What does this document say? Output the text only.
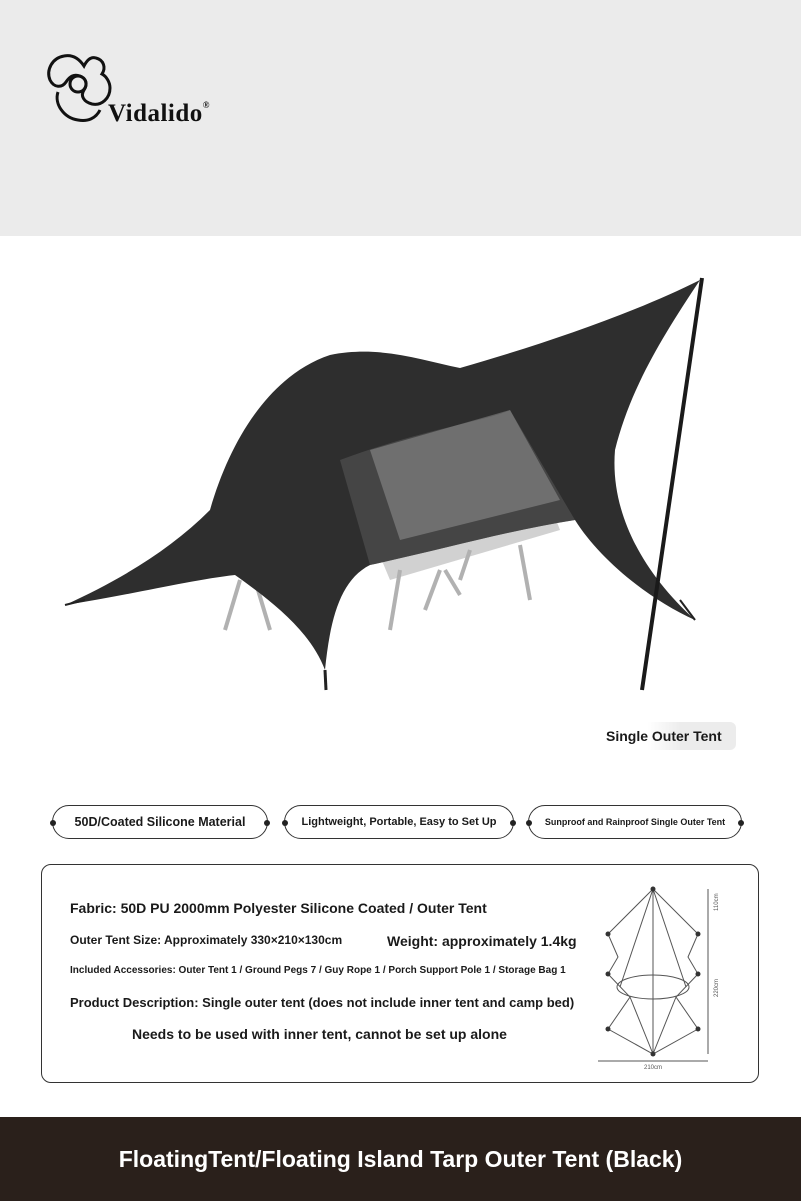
Vidalido®
Single Outer Tent
50D/Coated Silicone Material	Lightweight, Portable, Easy to Set Up	Sunproof and Rainproof Single Outer Tent
Fabric: 50D PU 2000mm Polyester Silicone Coated / Outer Tent
Outer Tent Size: Approximately 330×210×130cm	Weight: approximately 1.4kg
Included Accessories: Outer Tent 1 / Ground Pegs 7 / Guy Rope 1 / Porch Support Pole 1 / Storage Bag 1
Product Description: Single outer tent (does not include inner tent and camp bed)
Needs to be used with inner tent, cannot be set up alone
110cm
220cm
210cm
FloatingTent/Floating Island Tarp Outer Tent (Black)
